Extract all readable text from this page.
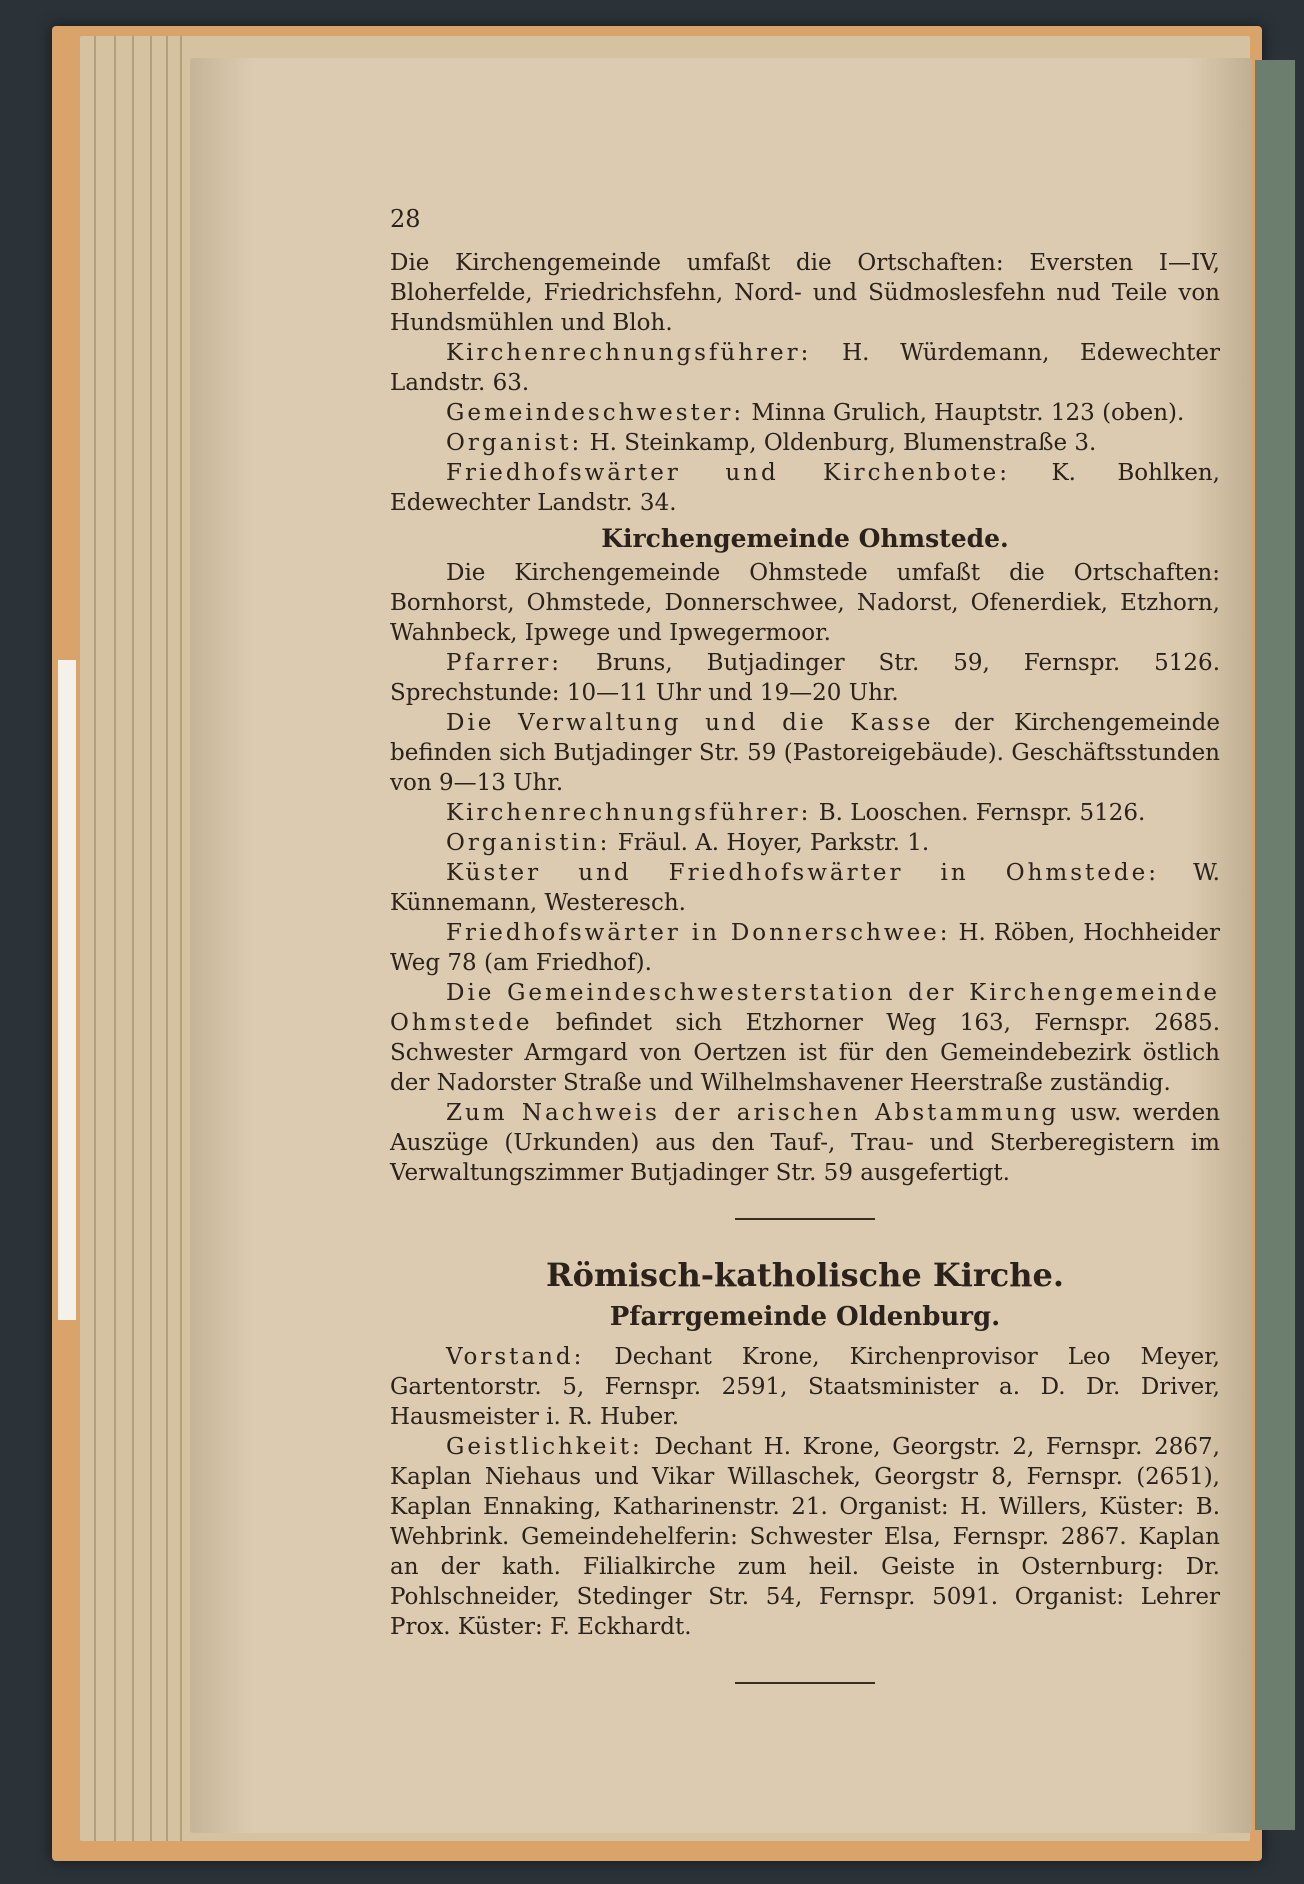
28

Die Kirchengemeinde umfaßt die Ortschaften: Eversten I—IV, Bloherfelde, Friedrichsfehn, Nord- und Südmoslesfehn nud Teile von Hundsmühlen und Bloh.

Kirchenrechnungsführer: H. Würdemann, Edewechter Landstr. 63.

Gemeindeschwester: Minna Grulich, Hauptstr. 123 (oben).

Organist: H. Steinkamp, Oldenburg, Blumenstraße 3.

Friedhofswärter und Kirchenbote: K. Bohlken, Edewechter Landstr. 34.

Kirchengemeinde Ohmstede.

Die Kirchengemeinde Ohmstede umfaßt die Ortschaften: Bornhorst, Ohmstede, Donnerschwee, Nadorst, Ofenerdiek, Etzhorn, Wahnbeck, Ipwege und Ipwegermoor.

Pfarrer: Bruns, Butjadinger Str. 59, Fernspr. 5126. Sprechstunde: 10—11 Uhr und 19—20 Uhr.

Die Verwaltung und die Kasse der Kirchengemeinde befinden sich Butjadinger Str. 59 (Pastoreigebäude). Geschäftsstunden von 9—13 Uhr.

Kirchenrechnungsführer: B. Looschen. Fernspr. 5126.

Organistin: Fräul. A. Hoyer, Parkstr. 1.

Küster und Friedhofswärter in Ohmstede: W. Künnemann, Westeresch.

Friedhofswärter in Donnerschwee: H. Röben, Hochheider Weg 78 (am Friedhof).

Die Gemeindeschwesterstation der Kirchengemeinde Ohmstede befindet sich Etzhorner Weg 163, Fernspr. 2685. Schwester Armgard von Oertzen ist für den Gemeindebezirk östlich der Nadorster Straße und Wilhelmshavener Heerstraße zuständig.

Zum Nachweis der arischen Abstammung usw. werden Auszüge (Urkunden) aus den Tauf-, Trau- und Sterberegistern im Verwaltungszimmer Butjadinger Str. 59 ausgefertigt.

Römisch-katholische Kirche.
Pfarrgemeinde Oldenburg.

Vorstand: Dechant Krone, Kirchenprovisor Leo Meyer, Gartentorstr. 5, Fernspr. 2591, Staatsminister a. D. Dr. Driver, Hausmeister i. R. Huber.

Geistlichkeit: Dechant H. Krone, Georgstr. 2, Fernspr. 2867, Kaplan Niehaus und Vikar Willaschek, Georgstr 8, Fernspr. (2651), Kaplan Ennaking, Katharinenstr. 21. Organist: H. Willers, Küster: B. Wehbrink. Gemeindehelferin: Schwester Elsa, Fernspr. 2867. Kaplan an der kath. Filialkirche zum heil. Geiste in Osternburg: Dr. Pohlschneider, Stedinger Str. 54, Fernspr. 5091. Organist: Lehrer Prox. Küster: F. Eckhardt.
